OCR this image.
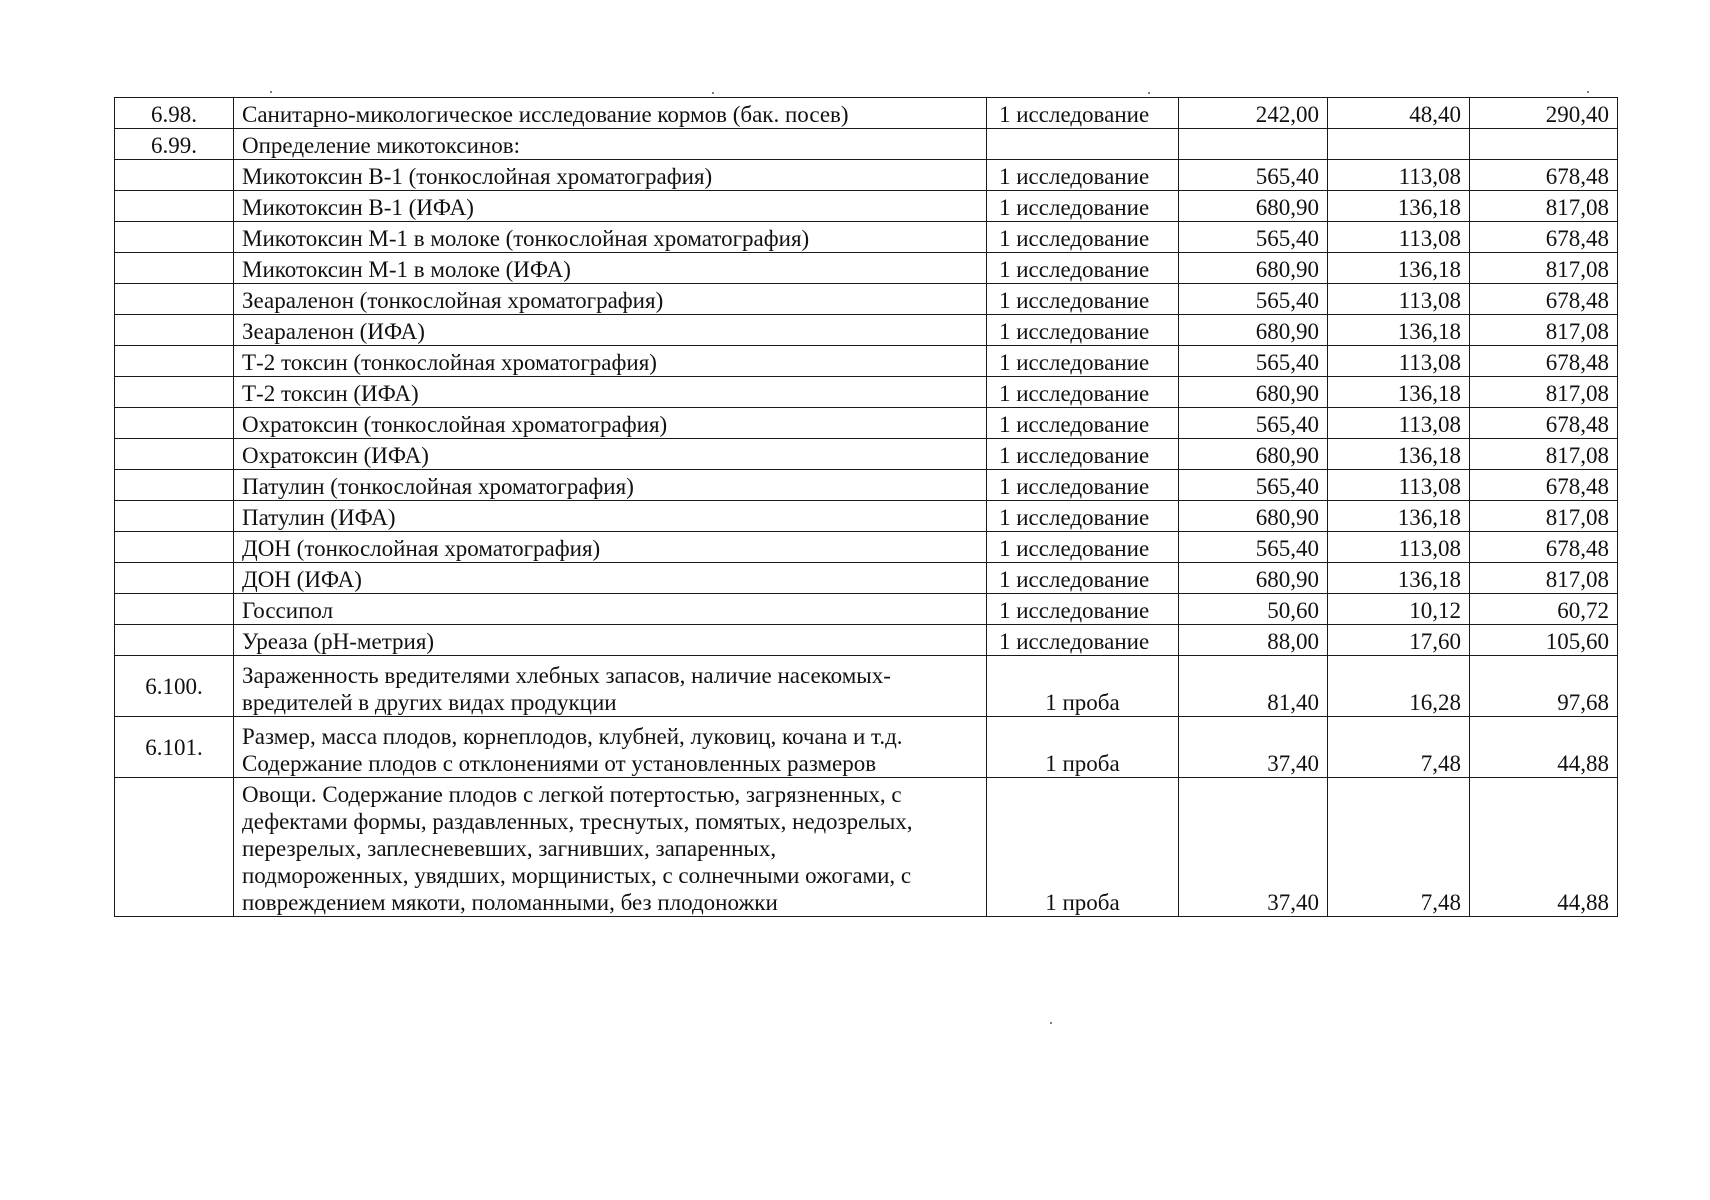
6.98.	Санитарно-микологическое исследование кормов (бак. посев)	1 исследование	242,00	48,40	290,40
6.99.	Определение микотоксинов:				

	Микотоксин В-1 (тонкослойная хроматография)	1 исследование	565,40	113,08	678,48

	Микотоксин В-1 (ИФА)	1 исследование	680,90	136,18	817,08

	Микотоксин М-1 в молоке (тонкослойная хроматография)	1 исследование	565,40	113,08	678,48

	Микотоксин М-1 в молоке (ИФА)	1 исследование	680,90	136,18	817,08

	Зеараленон (тонкослойная хроматография)	1 исследование	565,40	113,08	678,48

	Зеараленон (ИФА)	1 исследование	680,90	136,18	817,08

	Т-2 токсин (тонкослойная хроматография)	1 исследование	565,40	113,08	678,48

	Т-2 токсин (ИФА)	1 исследование	680,90	136,18	817,08

	Охратоксин (тонкослойная хроматография)	1 исследование	565,40	113,08	678,48

	Охратоксин (ИФА)	1 исследование	680,90	136,18	817,08

	Патулин (тонкослойная хроматография)	1 исследование	565,40	113,08	678,48

	Патулин (ИФА)	1 исследование	680,90	136,18	817,08

	ДОН (тонкослойная хроматография)	1 исследование	565,40	113,08	678,48

	ДОН (ИФА)	1 исследование	680,90	136,18	817,08

	Госсипол	1 исследование	50,60	10,12	60,72

	Уреаза (рН-метрия)	1 исследование	88,00	17,60	105,60
6.100.	Зараженность вредителями хлебных запасов, наличие насекомых-
вредителей в других видах продукции	1 проба	81,40	16,28	97,68
6.101.	Размер, масса плодов, корнеплодов, клубней, луковиц, кочана и т.д.
Содержание плодов с отклонениями от установленных размеров	1 проба	37,40	7,48	44,88

	Овощи. Содержание плодов с легкой потертостью, загрязненных, с
дефектами формы, раздавленных, треснутых, помятых, недозрелых,
перезрелых, заплесневевших, загнивших, запаренных,
подмороженных, увядших, морщинистых, с солнечными ожогами, с
повреждением мякоти, поломанными, без плодоножки	1 проба	37,40	7,48	44,88
